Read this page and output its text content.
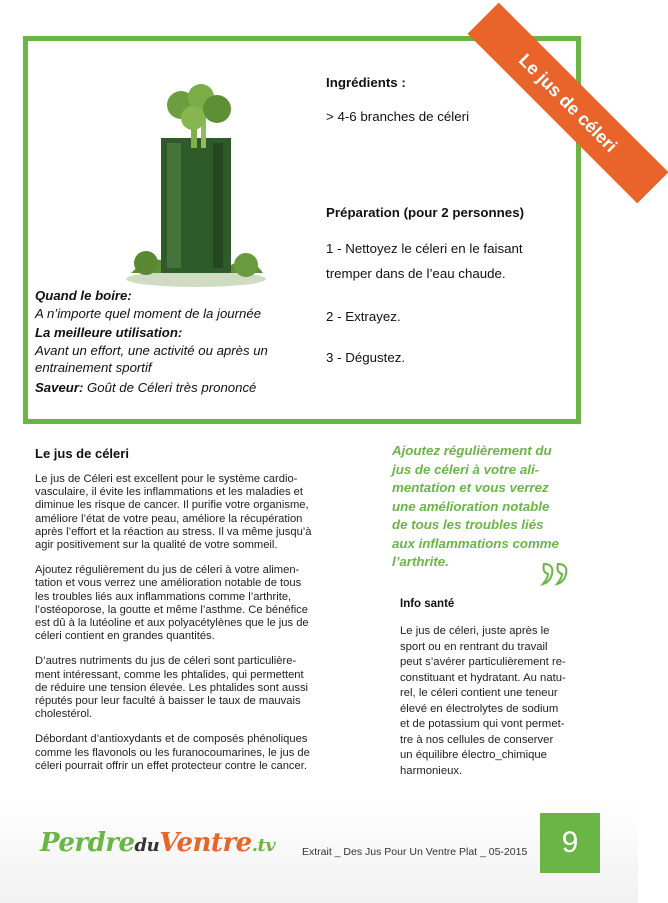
Quand le boire:
A n’importe quel moment de la journée
La meilleure utilisation:
Avant un effort, une activité ou après un entrainement sportif
Saveur: Goût de Céleri très prononcé
Ingrédients :
> 4-6 branches de céleri
Préparation (pour 2 personnes)
1 - Nettoyez le céleri en le faisant tremper dans de l’eau chaude.
2 - Extrayez.
3 - Dégustez.
Le jus de céleri
Le jus de céleri

Le jus de Céleri est excellent pour le système cardio-
vasculaire, il évite les inflammations et les maladies et
diminue les risque de cancer. Il purifie votre organisme,
améliore l’état de votre peau, améliore la récupération
après l’effort et la réaction au stress. Il va même jusqu’à
agir positivement sur la qualité de votre sommeil.

Ajoutez régulièrement du jus de céleri à votre alimen-
tation et vous verrez une amélioration notable de tous
les troubles liés aux inflammations comme l’arthrite,
l’ostéoporose, la goutte et même l’asthme. Ce bénéfice
est dû à la lutéoline et aux polyacétylènes que le jus de
céleri contient en grandes quantités.

D’autres nutriments du jus de céleri sont particulière-
ment intéressant, comme les phtalides, qui permettent
de réduire une tension élevée. Les phtalides sont aussi
réputés pour leur faculté à baisser le taux de mauvais
cholestérol.

Débordant d’antioxydants et de composés phénoliques
comme les flavonols ou les furanocoumarines, le jus de
céleri pourrait offrir un effet protecteur contre le cancer.

Ajoutez régulièrement du
jus de céleri à votre ali-
mentation et vous verrez
une amélioration notable
de tous les troubles liés
aux inflammations comme
l’arthrite.
Info santé

Le jus de céleri, juste après le
sport ou en rentrant du travail
peut s’avérer particulièrement re-
constituant et hydratant. Au natu-
rel, le céleri contient une teneur
élevé en électrolytes de sodium
et de potassium qui vont permet-
tre à nos cellules de conserver
un équilibre électro_chimique
harmonieux.

PerdreduVentre.tv	Extrait _ Des Jus Pour Un Ventre Plat _ 05-2015	9
